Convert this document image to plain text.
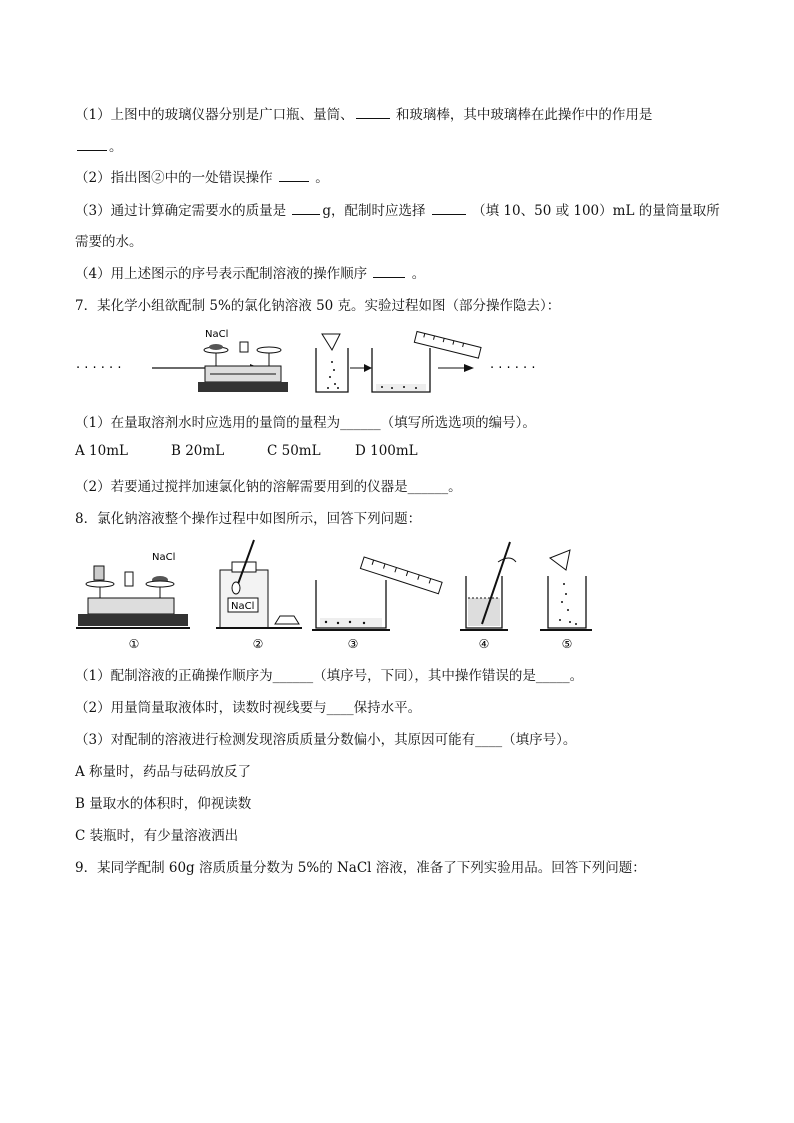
（1）上图中的玻璃仪器分别是广口瓶、量筒、	和玻璃棒，其中玻璃棒在此操作中的作用是
。
（2）指出图②中的一处错误操作	。
（3）通过计算确定需要水的质量是	g，配制时应选择	（填 10、50 或 100）mL 的量筒量取所
需要的水。
（4）用上述图示的序号表示配制溶液的操作顺序	。
7．某化学小组欲配制 5%的氯化钠溶液 50 克。实验过程如图（部分操作隐去）：
· · · · · ·
NaCl
· · · · · ·
（1）在量取溶剂水时应选用的量筒的量程为______（填写所选选项的编号）。
A 10mL	B 20mL	C 50mL	D 100mL
（2）若要通过搅拌加速氯化钠的溶解需要用到的仪器是______。
8．氯化钠溶液整个操作过程中如图所示，回答下列问题：
NaCl
NaCl
①	②	③	④	⑤
（1）配制溶液的正确操作顺序为______（填序号，下同），其中操作错误的是_____。
（2）用量筒量取液体时，读数时视线要与____保持水平。
（3）对配制的溶液进行检测发现溶质质量分数偏小，其原因可能有____（填序号）。
A 称量时，药品与砝码放反了
B 量取水的体积时，仰视读数
C 装瓶时，有少量溶液洒出
9．某同学配制 60g 溶质质量分数为 5%的 NaCl 溶液，准备了下列实验用品。回答下列问题：
